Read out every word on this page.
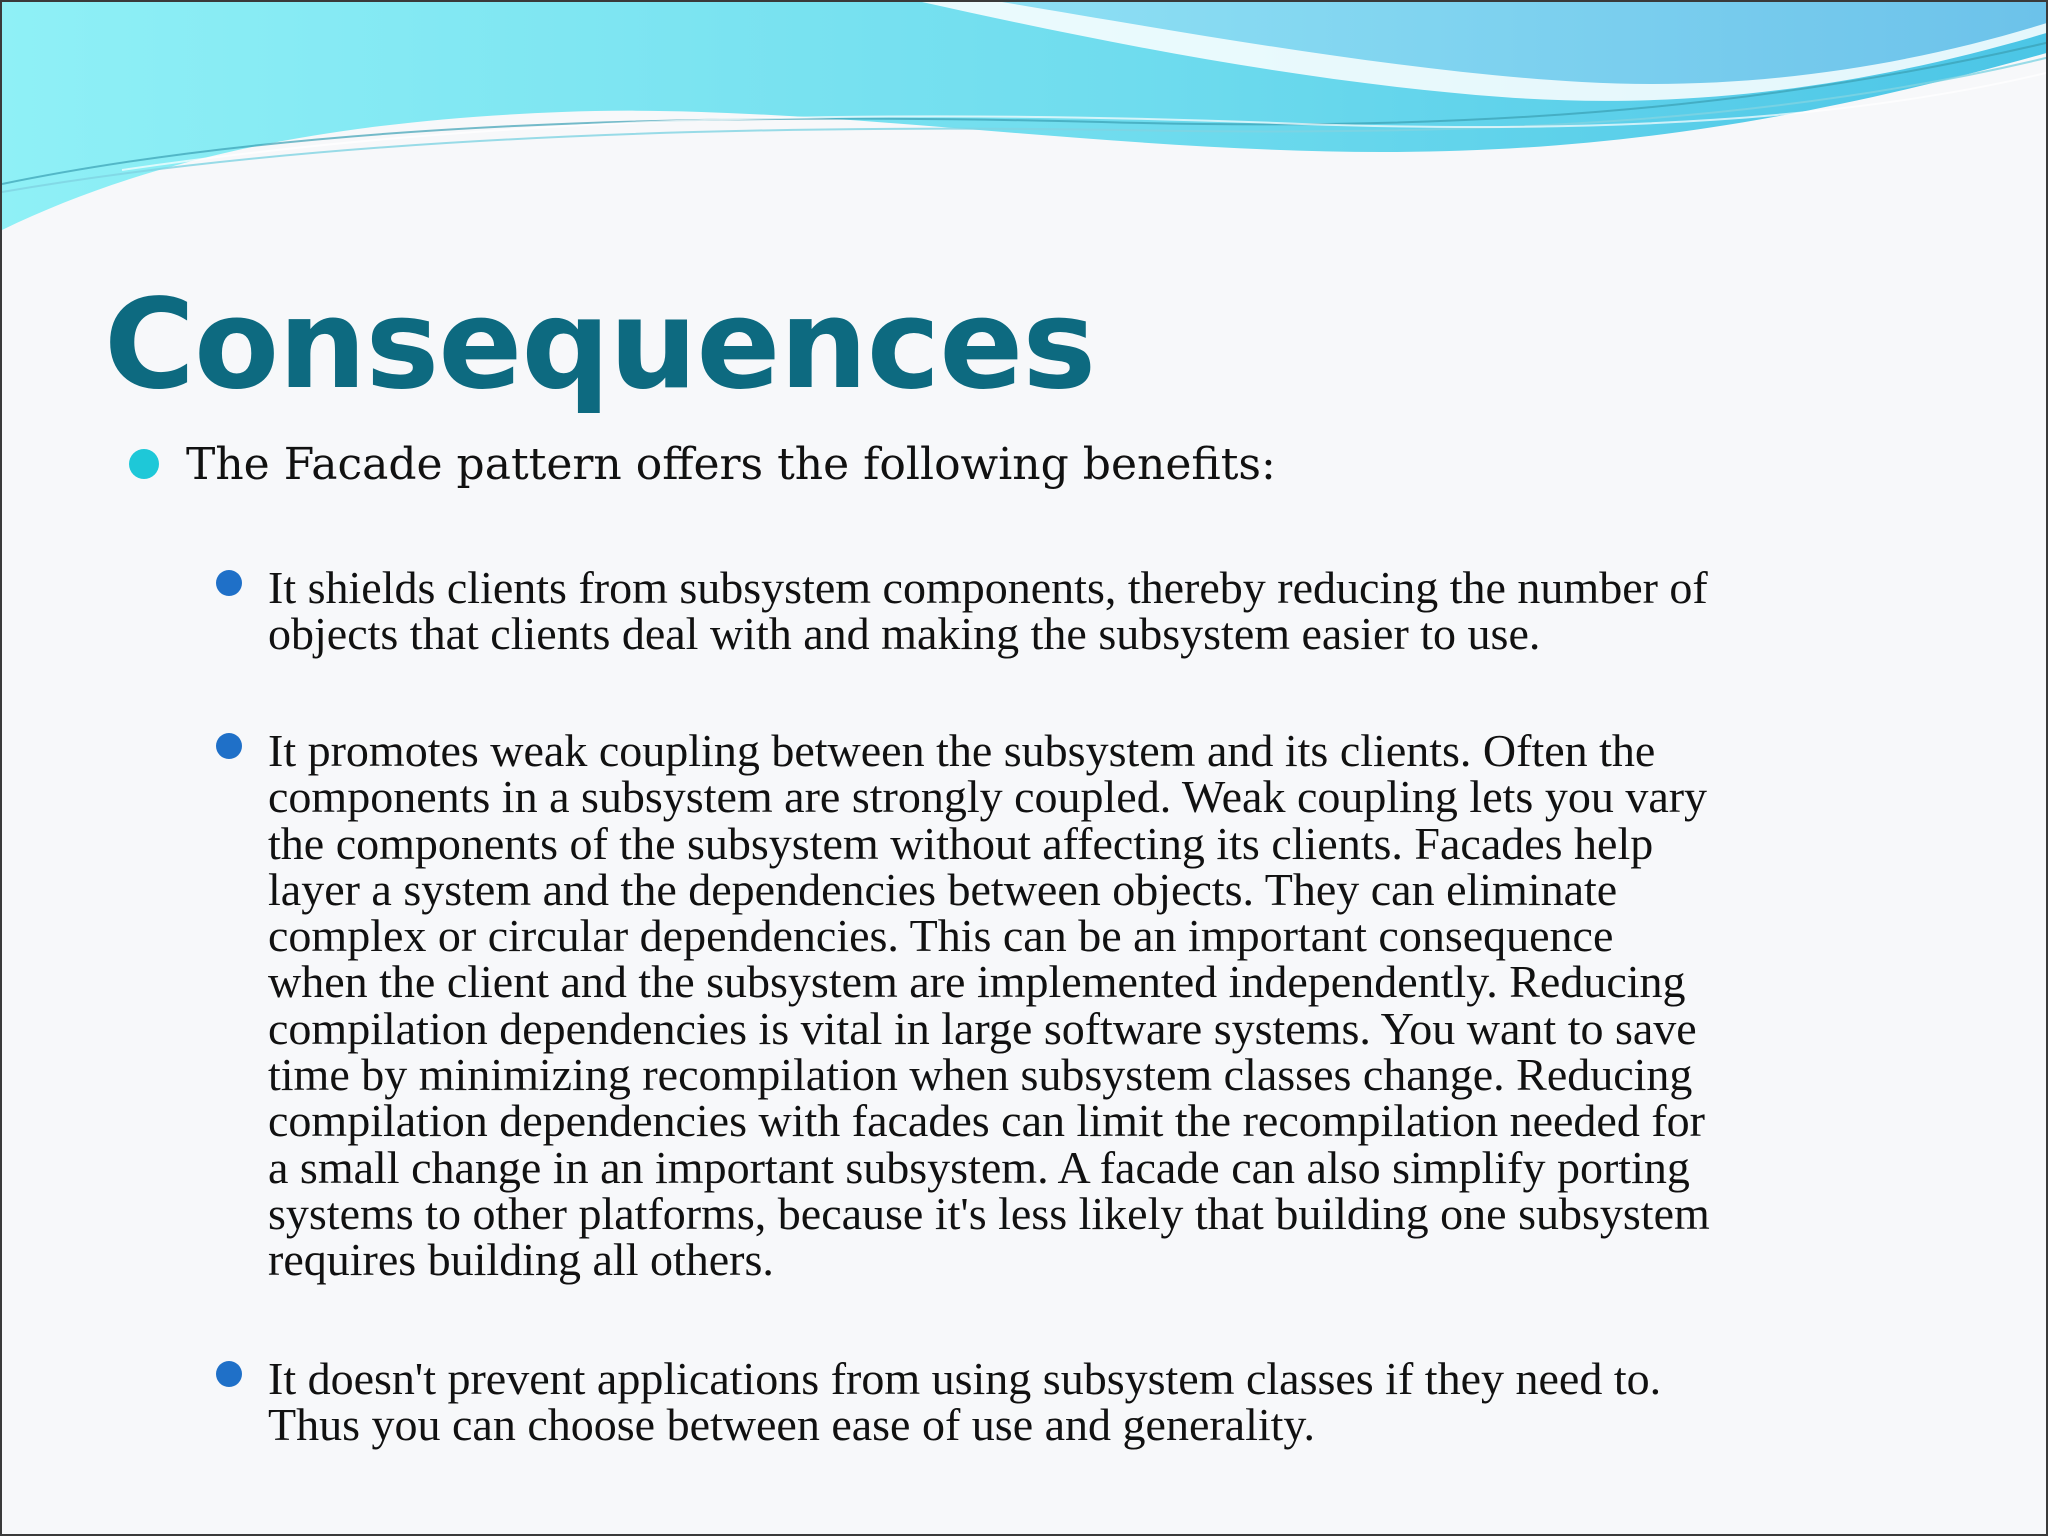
Consequences
The Facade pattern offers the following benefits:

It shields clients from subsystem components, thereby reducing the number of
objects that clients deal with and making the subsystem easier to use.

It promotes weak coupling between the subsystem and its clients. Often the
components in a subsystem are strongly coupled. Weak coupling lets you vary
the components of the subsystem without affecting its clients. Facades help
layer a system and the dependencies between objects. They can eliminate
complex or circular dependencies. This can be an important consequence
when the client and the subsystem are implemented independently. Reducing
compilation dependencies is vital in large software systems. You want to save
time by minimizing recompilation when subsystem classes change. Reducing
compilation dependencies with facades can limit the recompilation needed for
a small change in an important subsystem. A facade can also simplify porting
systems to other platforms, because it's less likely that building one subsystem
requires building all others.

It doesn't prevent applications from using subsystem classes if they need to.
Thus you can choose between ease of use and generality.
